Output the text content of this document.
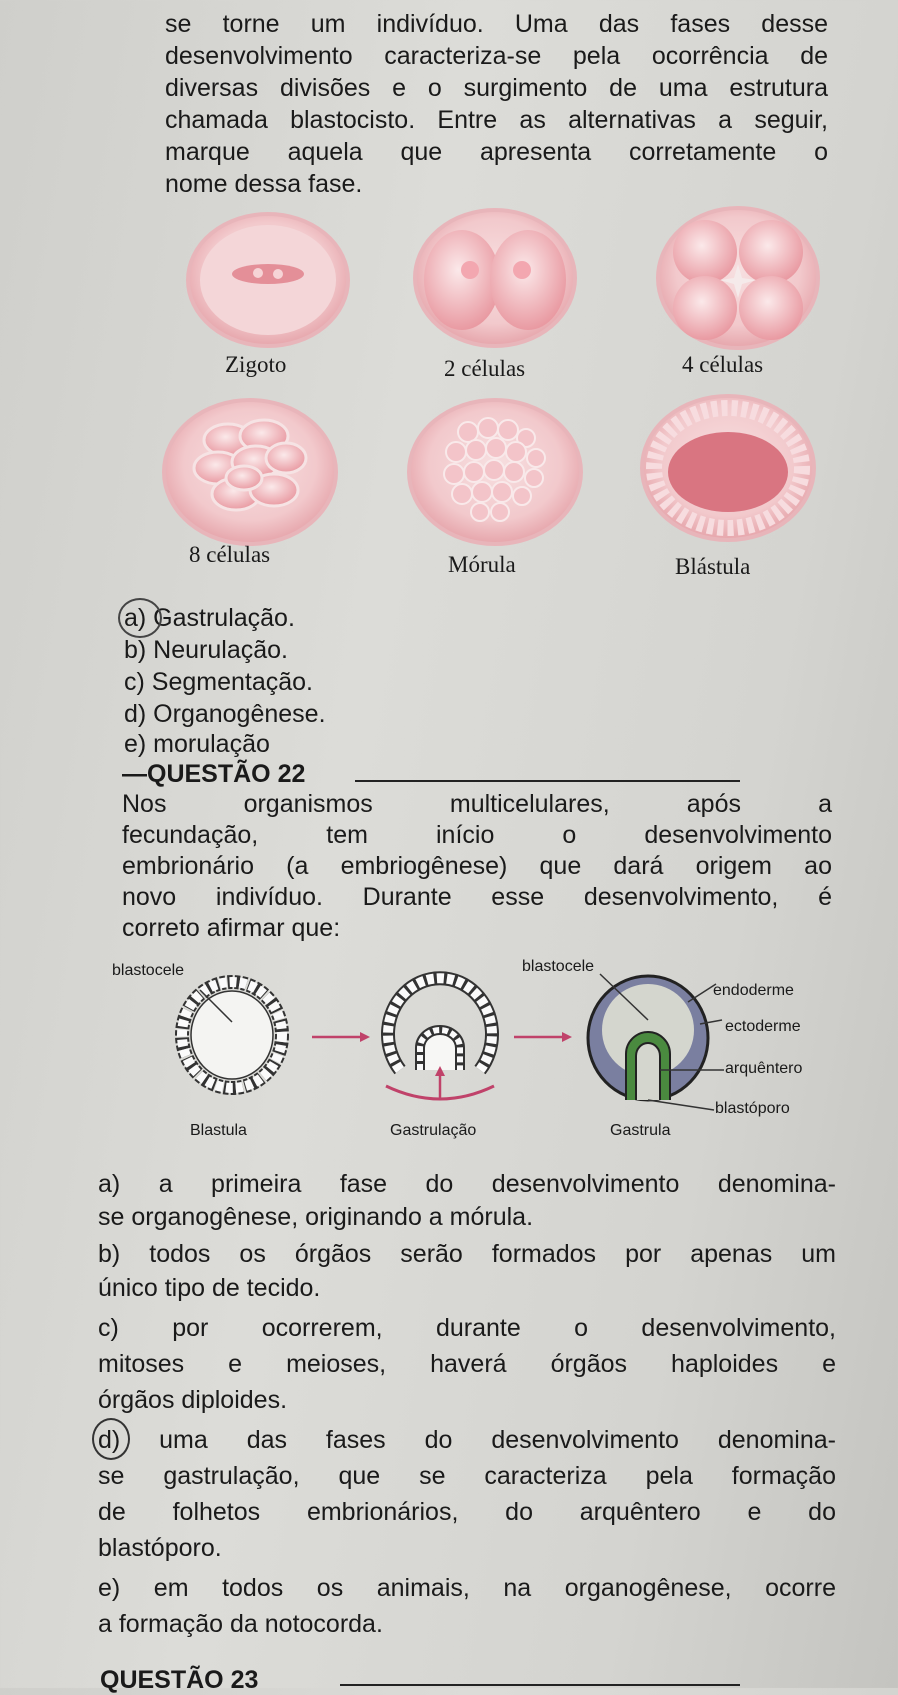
se torne um indivíduo. Uma das fases desse
desenvolvimento caracteriza-se pela ocorrência de
diversas divisões e o surgimento de uma estrutura
chamada blastocisto. Entre as alternativas a seguir,
marque aquela que apresenta corretamente o
nome dessa fase.
Zigoto	2 células	4 células
8 células	Mórula	Blástula
a) Gastrulação.
b) Neurulação.
c) Segmentação.
d) Organogênese.
e) morulação
—QUESTÃO 22
Nos organismos multicelulares, após a
fecundação, tem início o desenvolvimento
embrionário (a embriogênese) que dará origem ao
novo indivíduo. Durante esse desenvolvimento, é
correto afirmar que:
blastocele	blastocele
endoderme
ectoderme
arquêntero
blastóporo
Blastula	Gastrulação	Gastrula
a) a primeira fase do desenvolvimento denomina-
se organogênese, originando a mórula.
b) todos os órgãos serão formados por apenas um
único tipo de tecido.
c) por ocorrerem, durante o desenvolvimento,
mitoses e meioses, haverá órgãos haploides e
órgãos diploides.
d) uma das fases do desenvolvimento denomina-
se gastrulação, que se caracteriza pela formação
de folhetos embrionários, do arquêntero e do
blastóporo.
e) em todos os animais, na organogênese, ocorre
a formação da notocorda.
QUESTÃO 23
